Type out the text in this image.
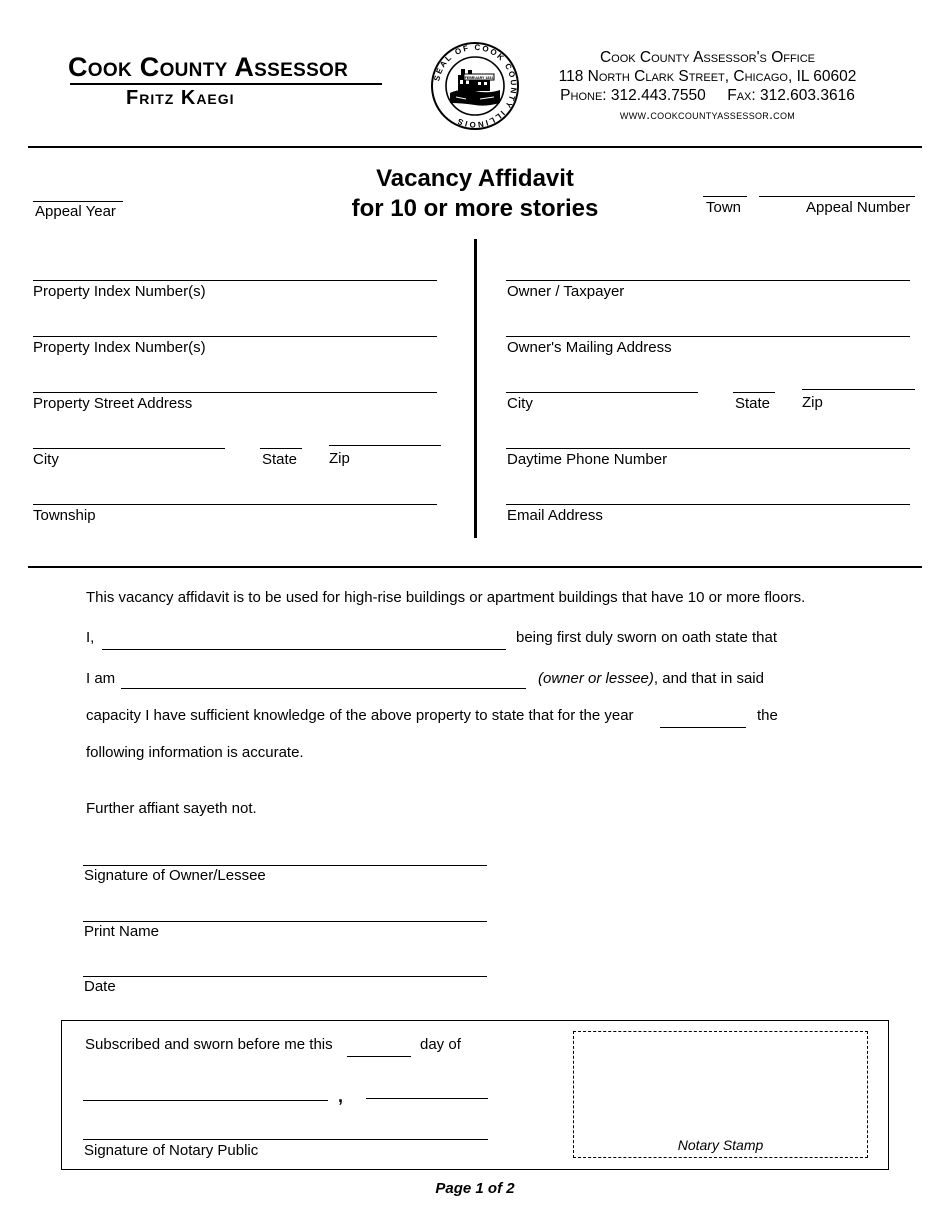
Cook County Assessor
Fritz Kaegi
SEAL OF COOK COUNTY ILLINOIS
FEBRUARY 1831
Cook County Assessor's Office
118 North Clark Street, Chicago, IL 60602
Phone: 312.443.7550     Fax: 312.603.3616
www.cookcountyassessor.com
Vacancy Affidavit
for 10 or more stories
Appeal Year	Town	Appeal Number
Property Index Number(s)
Property Index Number(s)
Property Street Address
City	State Zip
Township
Owner / Taxpayer
Owner's Mailing Address
City	State Zip
Daytime Phone Number
Email Address
This vacancy affidavit is to be used for high-rise buildings or apartment buildings that have 10 or more floors.
I,	being first duly sworn on oath state that
I am	(owner or lessee), and that in said
capacity I have sufficient knowledge of the above property to state that for the year	the
following information is accurate.
Further affiant sayeth not.
Signature of Owner/Lessee
Print Name
Date
Subscribed and sworn before me this	day of
,
Signature of Notary Public	Notary Stamp
Page 1 of 2
